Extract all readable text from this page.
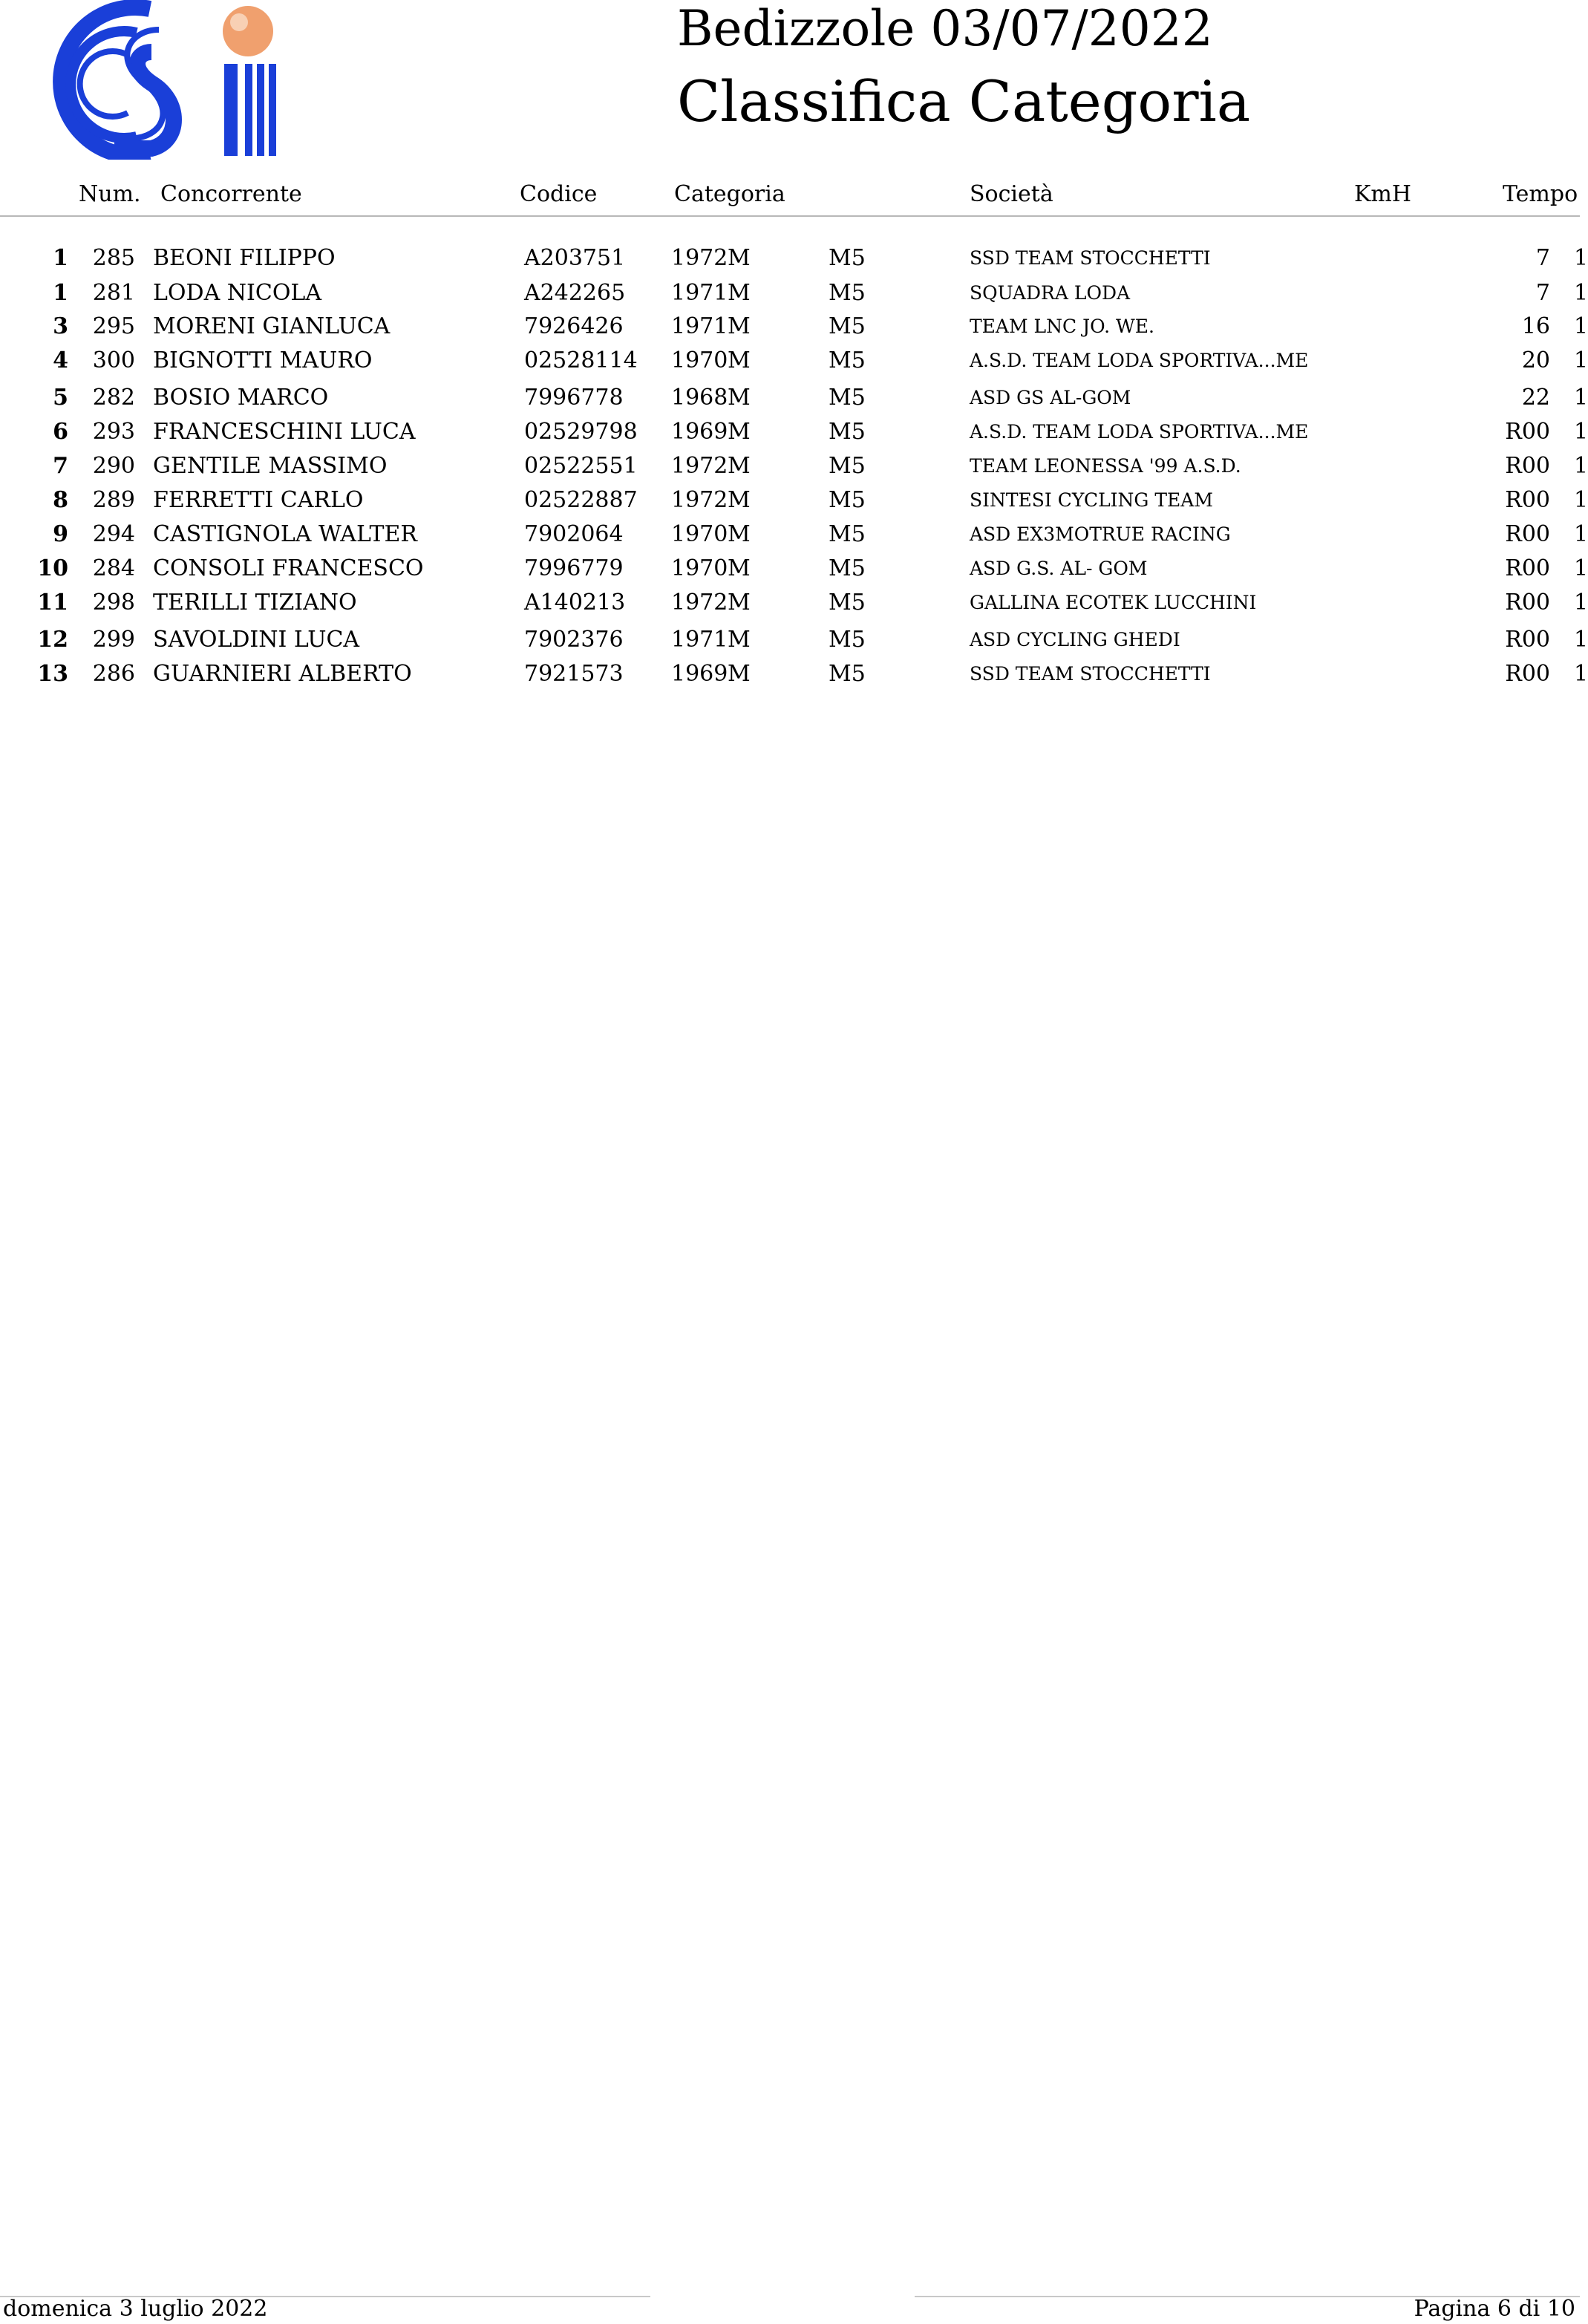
Bedizzole 03/07/2022
Classifica Categoria
Num. Concorrente	Codice	Categoria	Società	KmH	Tempo
1 285 BEONI FILIPPO	A203751 1972 M	M5	SSD TEAM STOCCHETTI	7 1
1 281 LODA NICOLA	A242265 1971 M	M5	SQUADRA LODA	7 1
3 295 MORENI GIANLUCA	7926426 1971 M	M5	TEAM LNC JO. WE.	16 1
4 300 BIGNOTTI MAURO	02528114 1970 M	M5	A.S.D. TEAM LODA SPORTIVA...ME	20 1
5 282 BOSIO MARCO	7996778 1968 M	M5	ASD GS AL-GOM	22 1
6 293 FRANCESCHINI LUCA	02529798 1969 M	M5	A.S.D. TEAM LODA SPORTIVA...ME	R00 1
7 290 GENTILE MASSIMO	02522551 1972 M	M5	TEAM LEONESSA '99 A.S.D.	R00 1
8 289 FERRETTI CARLO	02522887 1972 M	M5	SINTESI CYCLING TEAM	R00 1
9 294 CASTIGNOLA WALTER	7902064 1970 M	M5	ASD EX3MOTRUE RACING	R00 1
10 284 CONSOLI FRANCESCO	7996779 1970 M	M5	ASD G.S. AL- GOM	R00 1
11 298 TERILLI TIZIANO	A140213 1972 M	M5	GALLINA ECOTEK LUCCHINI	R00 1
12 299 SAVOLDINI LUCA	7902376 1971 M	M5	ASD CYCLING GHEDI	R00 1
13 286 GUARNIERI ALBERTO	7921573 1969 M	M5	SSD TEAM STOCCHETTI	R00 1
domenica 3 luglio 2022	Pagina 6 di 10
